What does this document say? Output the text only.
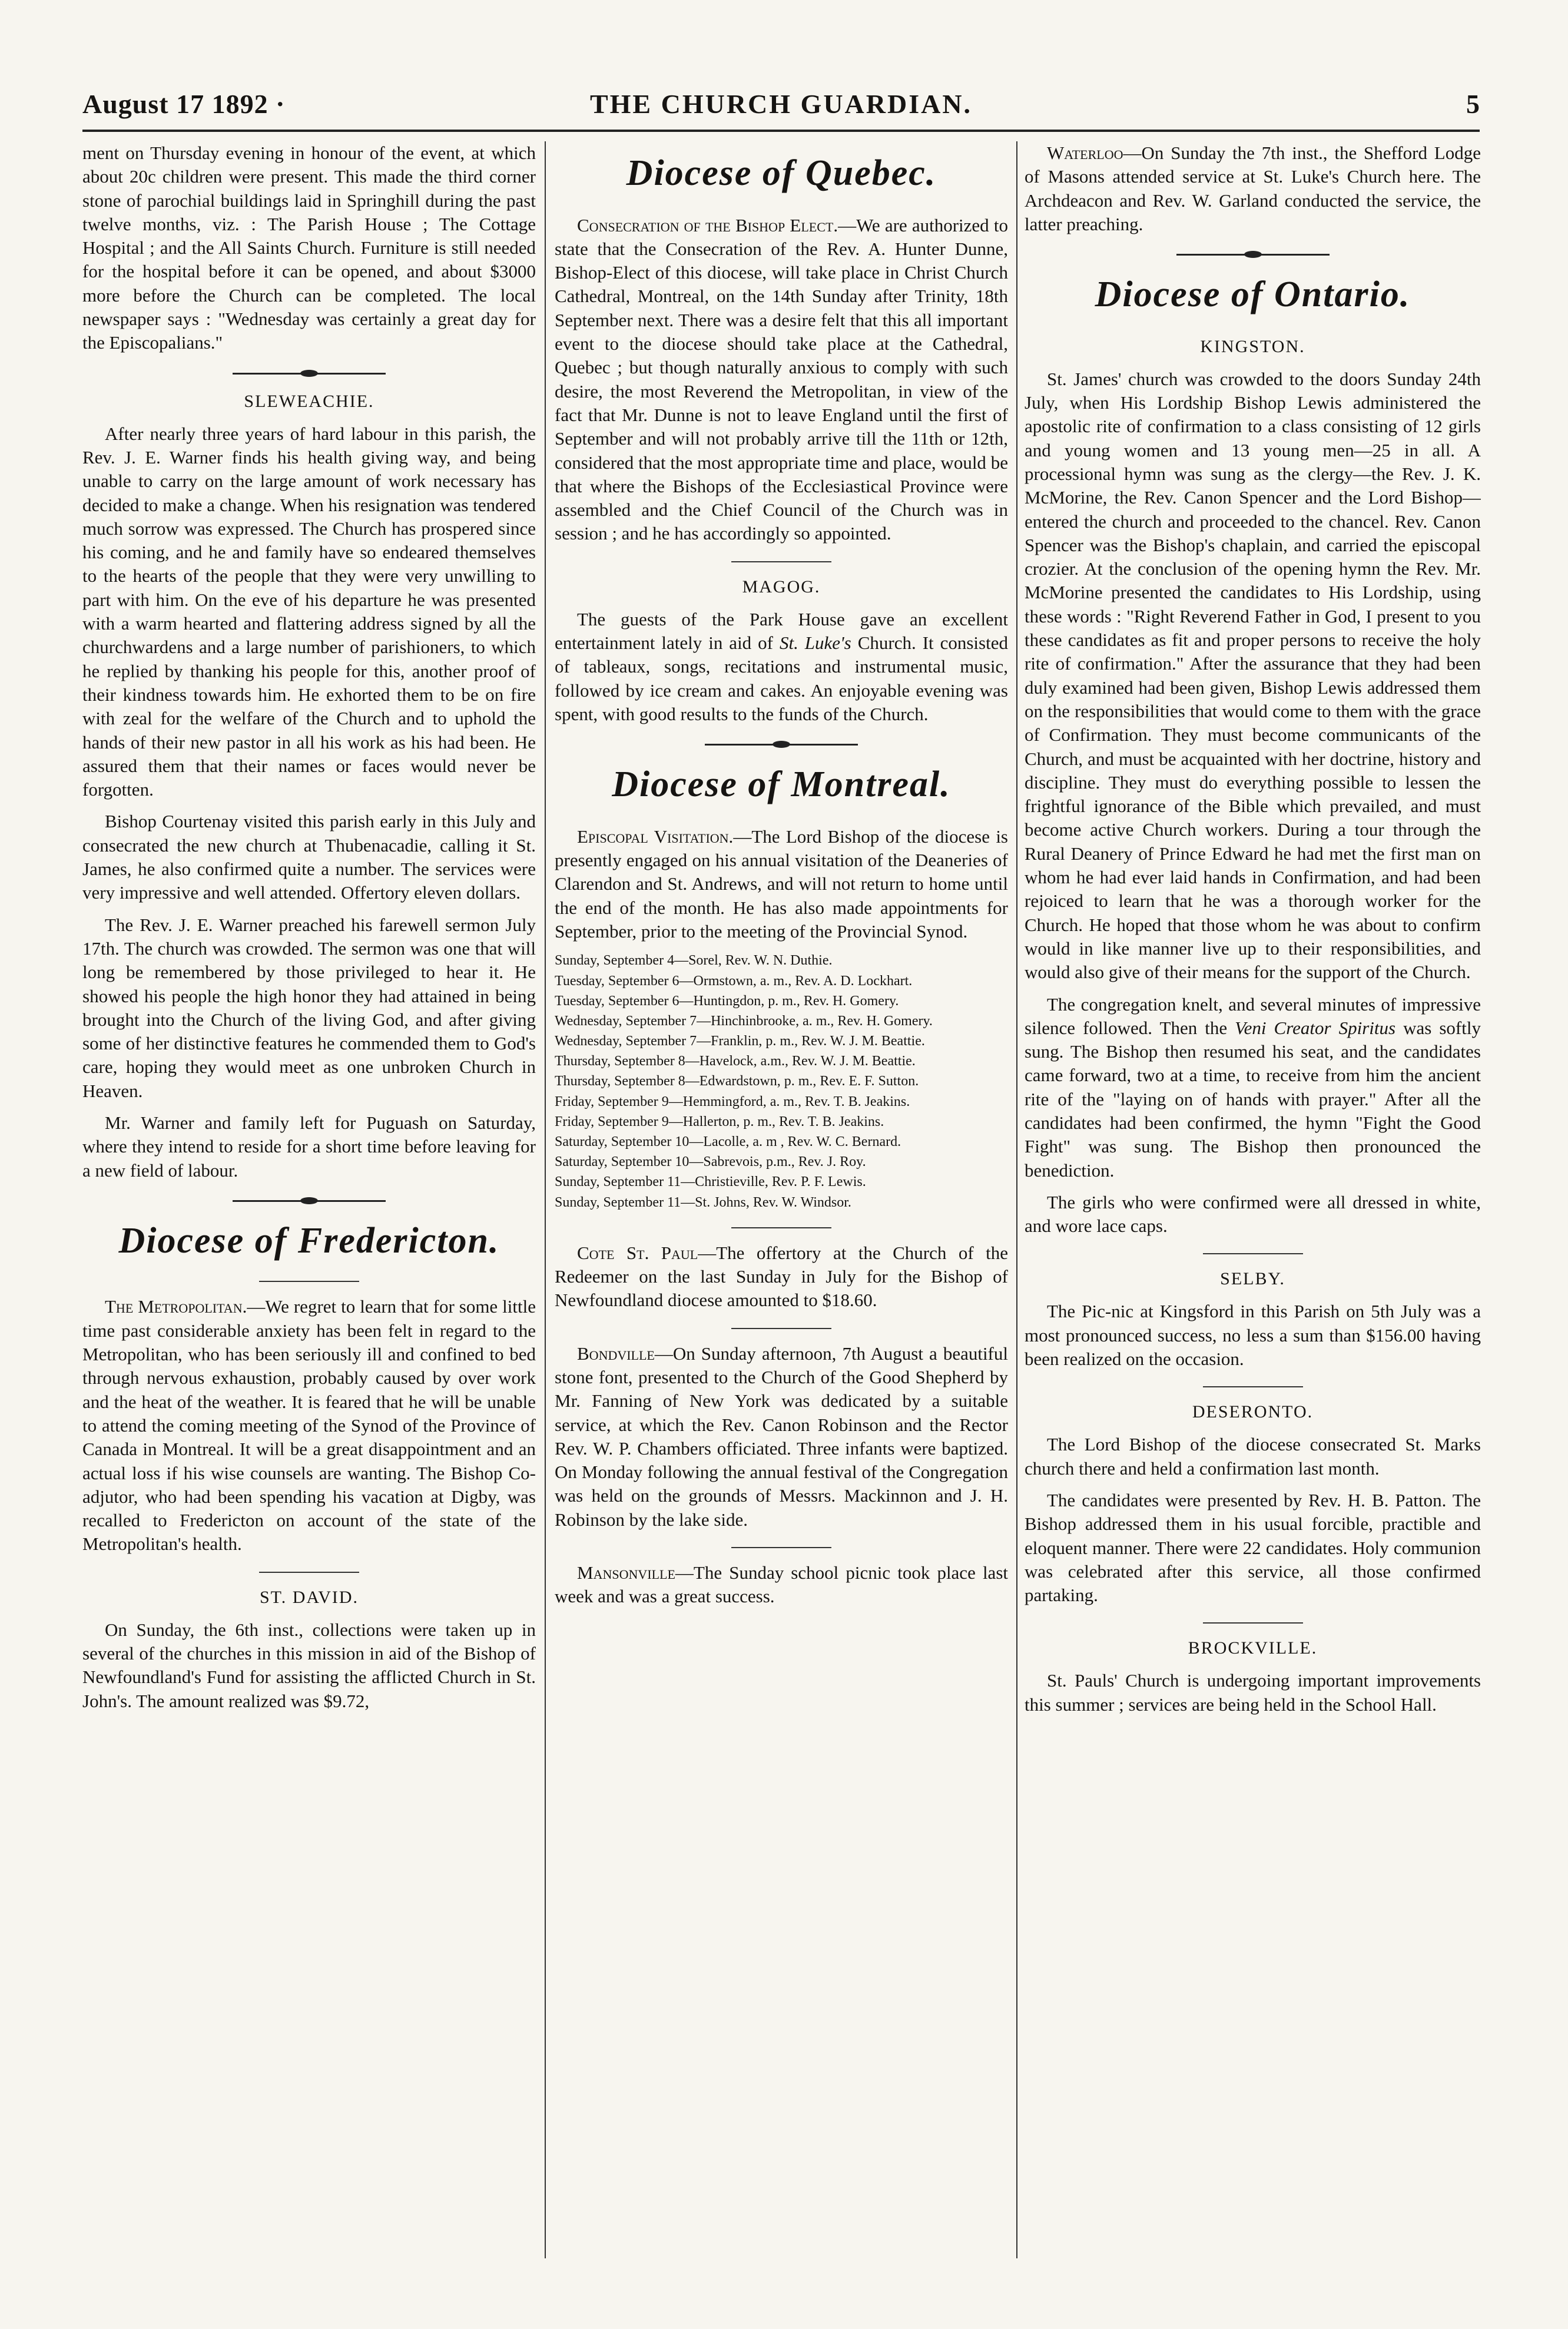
August 17 1892 ·	THE CHURCH GUARDIAN.	5

ment on Thursday evening in honour of the event, at which about 20c children were present. This made the third corner stone of parochial buildings laid in Springhill during the past twelve months, viz. : The Parish House ; The Cottage Hospital ; and the All Saints Church. Furniture is still needed for the hospital before it can be opened, and about $3000 more before the Church can be completed. The local newspaper says : "Wednesday was certainly a great day for the Episcopalians."

SLEWEACHIE.

After nearly three years of hard labour in this parish, the Rev. J. E. Warner finds his health giving way, and being unable to carry on the large amount of work necessary has decided to make a change. When his resignation was tendered much sorrow was expressed. The Church has prospered since his coming, and he and family have so endeared themselves to the hearts of the people that they were very unwilling to part with him. On the eve of his departure he was presented with a warm hearted and flattering address signed by all the churchwardens and a large number of parishioners, to which he replied by thanking his people for this, another proof of their kindness towards him. He exhorted them to be on fire with zeal for the welfare of the Church and to uphold the hands of their new pastor in all his work as his had been. He assured them that their names or faces would never be forgotten.

Bishop Courtenay visited this parish early in this July and consecrated the new church at Thubenacadie, calling it St. James, he also confirmed quite a number. The services were very impressive and well attended. Offertory eleven dollars.

The Rev. J. E. Warner preached his farewell sermon July 17th. The church was crowded. The sermon was one that will long be remembered by those privileged to hear it. He showed his people the high honor they had attained in being brought into the Church of the living God, and after giving some of her distinctive features he commended them to God's care, hoping they would meet as one unbroken Church in Heaven.

Mr. Warner and family left for Puguash on Saturday, where they intend to reside for a short time before leaving for a new field of labour.

Diocese of Fredericton.

The Metropolitan.—We regret to learn that for some little time past considerable anxiety has been felt in regard to the Metropolitan, who has been seriously ill and confined to bed through nervous exhaustion, probably caused by over work and the heat of the weather. It is feared that he will be unable to attend the coming meeting of the Synod of the Province of Canada in Montreal. It will be a great disappointment and an actual loss if his wise counsels are wanting. The Bishop Co-adjutor, who had been spending his vacation at Digby, was recalled to Fredericton on account of the state of the Metropolitan's health.

ST. DAVID.

On Sunday, the 6th inst., collections were taken up in several of the churches in this mission in aid of the Bishop of Newfoundland's Fund for assisting the afflicted Church in St. John's. The amount realized was $9.72,

Diocese of Quebec.

Consecration of the Bishop Elect.—We are authorized to state that the Consecration of the Rev. A. Hunter Dunne, Bishop-Elect of this diocese, will take place in Christ Church Cathedral, Montreal, on the 14th Sunday after Trinity, 18th September next. There was a desire felt that this all important event to the diocese should take place at the Cathedral, Quebec ; but though naturally anxious to comply with such desire, the most Reverend the Metropolitan, in view of the fact that Mr. Dunne is not to leave England until the first of September and will not probably arrive till the 11th or 12th, considered that the most appropriate time and place, would be that where the Bishops of the Ecclesiastical Province were assembled and the Chief Council of the Church was in session ; and he has accordingly so appointed.

MAGOG.

The guests of the Park House gave an excellent entertainment lately in aid of St. Luke's Church. It consisted of tableaux, songs, recitations and instrumental music, followed by ice cream and cakes. An enjoyable evening was spent, with good results to the funds of the Church.

Diocese of Montreal.

Episcopal Visitation.—The Lord Bishop of the diocese is presently engaged on his annual visitation of the Deaneries of Clarendon and St. Andrews, and will not return to home until the end of the month. He has also made appointments for September, prior to the meeting of the Provincial Synod.

Sunday, September 4—Sorel, Rev. W. N. Duthie.
Tuesday, September 6—Ormstown, a. m., Rev. A. D. Lockhart.
Tuesday, September 6—Huntingdon, p. m., Rev. H. Gomery.
Wednesday, September 7—Hinchinbrooke, a. m., Rev. H. Gomery.
Wednesday, September 7—Franklin, p. m., Rev. W. J. M. Beattie.
Thursday, September 8—Havelock, a.m., Rev. W. J. M. Beattie.
Thursday, September 8—Edwardstown, p. m., Rev. E. F. Sutton.
Friday, September 9—Hemmingford, a. m., Rev. T. B. Jeakins.
Friday, September 9—Hallerton, p. m., Rev. T. B. Jeakins.
Saturday, September 10—Lacolle, a. m , Rev. W. C. Bernard.
Saturday, September 10—Sabrevois, p.m., Rev. J. Roy.
Sunday, September 11—Christieville, Rev. P. F. Lewis.
Sunday, September 11—St. Johns, Rev. W. Windsor.

Cote St. Paul—The offertory at the Church of the Redeemer on the last Sunday in July for the Bishop of Newfoundland diocese amounted to $18.60.

Bondville—On Sunday afternoon, 7th August a beautiful stone font, presented to the Church of the Good Shepherd by Mr. Fanning of New York was dedicated by a suitable service, at which the Rev. Canon Robinson and the Rector Rev. W. P. Chambers officiated. Three infants were baptized. On Monday following the annual festival of the Congregation was held on the grounds of Messrs. Mackinnon and J. H. Robinson by the lake side.

Mansonville—The Sunday school picnic took place last week and was a great success.

Waterloo—On Sunday the 7th inst., the Shefford Lodge of Masons attended service at St. Luke's Church here. The Archdeacon and Rev. W. Garland conducted the service, the latter preaching.

Diocese of Ontario.
KINGSTON.

St. James' church was crowded to the doors Sunday 24th July, when His Lordship Bishop Lewis administered the apostolic rite of confirmation to a class consisting of 12 girls and young women and 13 young men—25 in all. A processional hymn was sung as the clergy—the Rev. J. K. McMorine, the Rev. Canon Spencer and the Lord Bishop—entered the church and proceeded to the chancel. Rev. Canon Spencer was the Bishop's chaplain, and carried the episcopal crozier. At the conclusion of the opening hymn the Rev. Mr. McMorine presented the candidates to His Lordship, using these words : "Right Reverend Father in God, I present to you these candidates as fit and proper persons to receive the holy rite of confirmation." After the assurance that they had been duly examined had been given, Bishop Lewis addressed them on the responsibilities that would come to them with the grace of Confirmation. They must become communicants of the Church, and must be acquainted with her doctrine, history and discipline. They must do everything possible to lessen the frightful ignorance of the Bible which prevailed, and must become active Church workers. During a tour through the Rural Deanery of Prince Edward he had met the first man on whom he had ever laid hands in Confirmation, and had been rejoiced to learn that he was a thorough worker for the Church. He hoped that those whom he was about to confirm would in like manner live up to their responsibilities, and would also give of their means for the support of the Church.

The congregation knelt, and several minutes of impressive silence followed. Then the Veni Creator Spiritus was softly sung. The Bishop then resumed his seat, and the candidates came forward, two at a time, to receive from him the ancient rite of the "laying on of hands with prayer." After all the candidates had been confirmed, the hymn "Fight the Good Fight" was sung. The Bishop then pronounced the benediction.

The girls who were confirmed were all dressed in white, and wore lace caps.

SELBY.

The Pic-nic at Kingsford in this Parish on 5th July was a most pronounced success, no less a sum than $156.00 having been realized on the occasion.

DESERONTO.

The Lord Bishop of the diocese consecrated St. Marks church there and held a confirmation last month.

The candidates were presented by Rev. H. B. Patton. The Bishop addressed them in his usual forcible, practible and eloquent manner. There were 22 candidates. Holy communion was celebrated after this service, all those confirmed partaking.

BROCKVILLE.

St. Pauls' Church is undergoing important improvements this summer ; services are being held in the School Hall.
